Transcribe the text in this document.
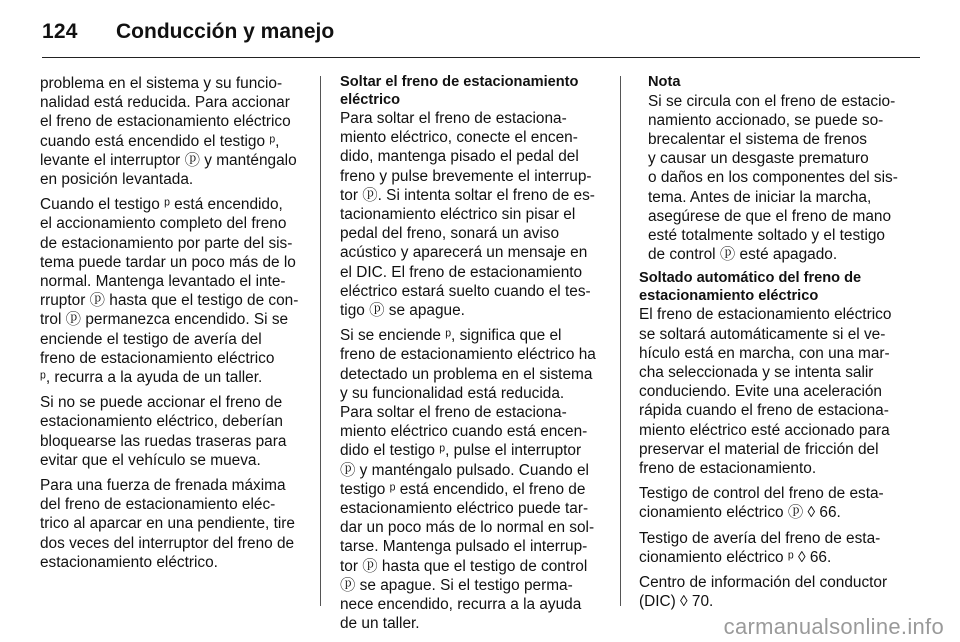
124 Conducción y manejo
problema en el sistema y su funcio-
nalidad está reducida. Para accionar
el freno de estacionamiento eléctrico
cuando está encendido el testigo ᵖ,
levante el interruptor ⓟ y manténgalo
en posición levantada.
Cuando el testigo ᵖ está encendido,
el accionamiento completo del freno
de estacionamiento por parte del sis-
tema puede tardar un poco más de lo
normal. Mantenga levantado el inte-
rruptor ⓟ hasta que el testigo de con-
trol ⓟ permanezca encendido. Si se
enciende el testigo de avería del
freno de estacionamiento eléctrico
ᵖ, recurra a la ayuda de un taller.
Si no se puede accionar el freno de
estacionamiento eléctrico, deberían
bloquearse las ruedas traseras para
evitar que el vehículo se mueva.
Para una fuerza de frenada máxima
del freno de estacionamiento eléc-
trico al aparcar en una pendiente, tire
dos veces del interruptor del freno de
estacionamiento eléctrico.
Soltar el freno de estacionamiento
eléctrico
Para soltar el freno de estaciona-
miento eléctrico, conecte el encen-
dido, mantenga pisado el pedal del
freno y pulse brevemente el interrup-
tor ⓟ. Si intenta soltar el freno de es-
tacionamiento eléctrico sin pisar el
pedal del freno, sonará un aviso
acústico y aparecerá un mensaje en
el DIC. El freno de estacionamiento
eléctrico estará suelto cuando el tes-
tigo ⓟ se apague.
Si se enciende ᵖ, significa que el
freno de estacionamiento eléctrico ha
detectado un problema en el sistema
y su funcionalidad está reducida.
Para soltar el freno de estaciona-
miento eléctrico cuando está encen-
dido el testigo ᵖ, pulse el interruptor
ⓟ y manténgalo pulsado. Cuando el
testigo ᵖ está encendido, el freno de
estacionamiento eléctrico puede tar-
dar un poco más de lo normal en sol-
tarse. Mantenga pulsado el interrup-
tor ⓟ hasta que el testigo de control
ⓟ se apague. Si el testigo perma-
nece encendido, recurra a la ayuda
de un taller.
Nota
Si se circula con el freno de estacio-
namiento accionado, se puede so-
brecalentar el sistema de frenos
y causar un desgaste prematuro
o daños en los componentes del sis-
tema. Antes de iniciar la marcha,
asegúrese de que el freno de mano
esté totalmente soltado y el testigo
de control ⓟ esté apagado.
Soltado automático del freno de
estacionamiento eléctrico
El freno de estacionamiento eléctrico
se soltará automáticamente si el ve-
hículo está en marcha, con una mar-
cha seleccionada y se intenta salir
conduciendo. Evite una aceleración
rápida cuando el freno de estaciona-
miento eléctrico esté accionado para
preservar el material de fricción del
freno de estacionamiento.
Testigo de control del freno de esta-
cionamiento eléctrico ⓟ ◊ 66.
Testigo de avería del freno de esta-
cionamiento eléctrico ᵖ ◊ 66.
Centro de información del conductor
(DIC) ◊ 70.
carmanualsonline.info
